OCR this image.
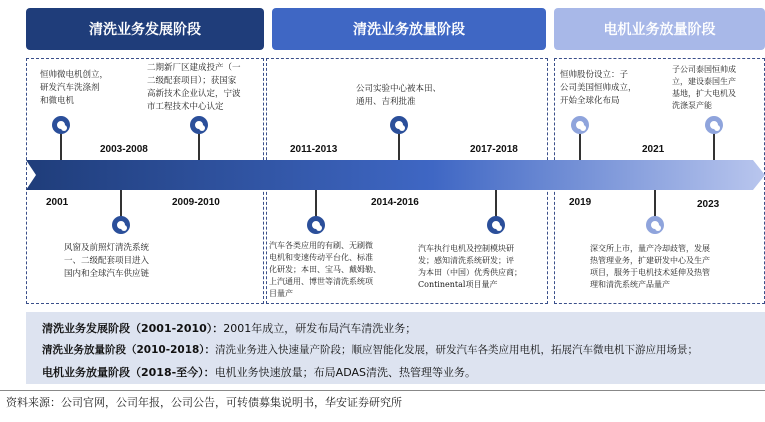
清洗业务发展阶段	清洗业务放量阶段	电机业务放量阶段
2001
2003-2008
2009-2010
2011-2013
2014-2016
2017-2018
2019
2021
2023
恒帅微电机创立，
研发汽车洗涤剂
和微电机
二期新厂区建成投产（一
二级配套项目）；获国家
高新技术企业认定，宁波
市工程技术中心认定
风窗及前照灯清洗系统
一、二级配套项目进入
国内和全球汽车供应链
公司实验中心被本田、
通用、吉利批准
汽车各类应用的有刷、无刷微
电机和变速传动平台化、标准
化研发；本田、宝马、戴姆勒、
上汽通用、博世等清洗系统项
目量产
汽车执行电机及控制模块研
发；感知清洗系统研发；评
为本田（中国）优秀供应商；
Continental项目量产
恒帅股份设立：子
公司美国恒帅成立，
开始全球化布局
子公司泰国恒帅成
立，建设泰国生产
基地，扩大电机及
洗涤泵产能
深交所上市，量产冷却歧管，发展
热管理业务，扩建研发中心及生产
项目，服务于电机技术延伸及热管
理和清洗系统产品量产
清洗业务发展阶段（2001-2010）：2001年成立，研发布局汽车清洗业务；
清洗业务放量阶段（2010-2018）：清洗业务进入快速量产阶段；顺应智能化发展，研发汽车各类应用电机，拓展汽车微电机下游应用场景；
电机业务放量阶段（2018-至今）：电机业务快速放量；布局ADAS清洗、热管理等业务。
资料来源：公司官网，公司年报，公司公告，可转债募集说明书，华安证券研究所
